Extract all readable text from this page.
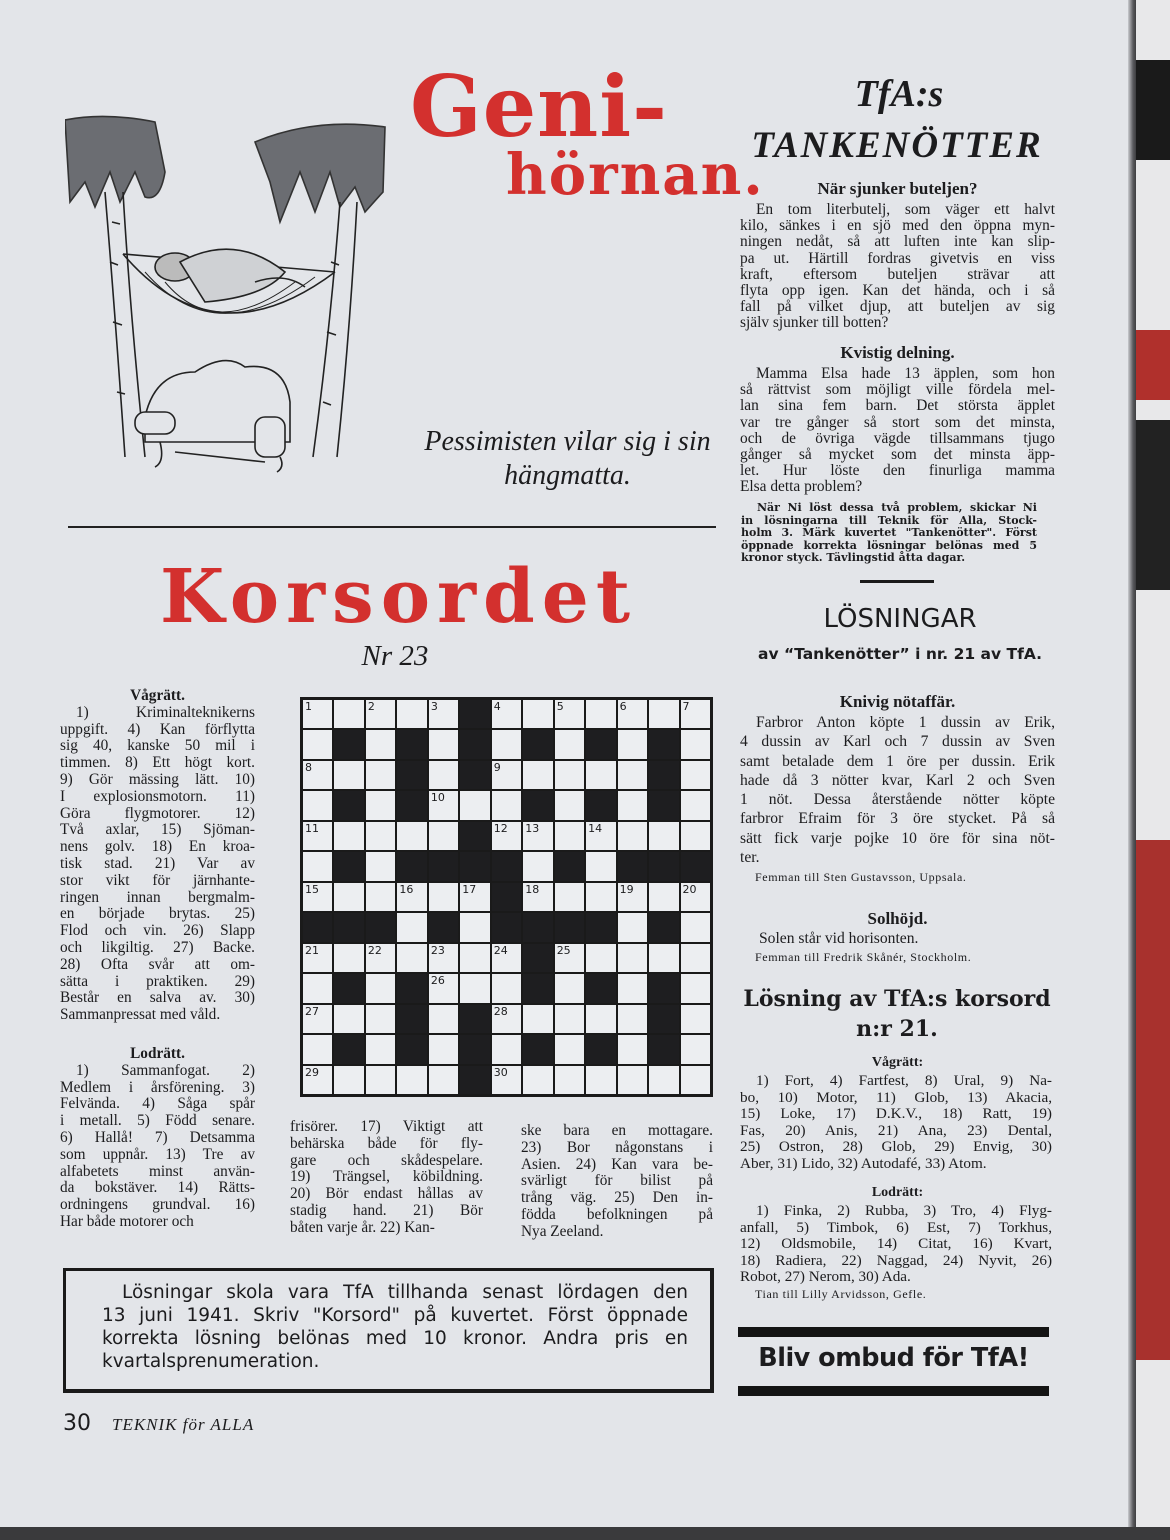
Geni-
hörnan.
Pessimisten vilar sig i sin
hängmatta.
Korsordet
Nr 23
Vågrätt.
1) Kriminalteknikerns
uppgift. 4) Kan förflytta
sig 40, kanske 50 mil i
timmen. 8) Ett högt kort.
9) Gör mässing lätt. 10)
I explosionsmotorn. 11)
Göra flygmotorer. 12)
Två axlar, 15) Sjöman-
nens golv. 18) En kroa-
tisk stad. 21) Var av
stor vikt för järnhante-
ringen innan bergmalm-
en började brytas. 25)
Flod och vin. 26) Slapp
och likgiltig. 27) Backe.
28) Ofta svår att om-
sätta i praktiken. 29)
Består en salva av. 30)
Sammanpressat med våld.
Lodrätt.
1) Sammanfogat. 2)
Medlem i årsförening. 3)
Felvända. 4) Såga spår
i metall. 5) Född senare.
6) Hallå! 7) Detsamma
som uppnår. 13) Tre av
alfabetets minst använ-
da bokstäver. 14) Rätts-
ordningens grundval. 16)
Har både motorer och
frisörer. 17) Viktigt att
behärska både för fly-
gare och skådespelare.
19) Trängsel, köbildning.
20) Bör endast hållas av
stadig hand. 21) Bör
båten varje år. 22) Kan-
ske bara en mottagare.
23) Bor någonstans i
Asien. 24) Kan vara be-
svärligt för bilist på
trång väg. 25) Den in-
födda befolkningen på
Nya Zeeland.
1	2	3	4	5	6	7
8	9
10
11	12 13	14
15	16	17	18	19	20
21	22	23	24	25
26
27	28
29	30
Lösningar skola vara TfA tillhanda senast lördagen den
13 juni 1941. Skriv "Korsord" på kuvertet. Först öppnade
korrekta lösning belönas med 10 kronor. Andra pris en
kvartalsprenumeration.
30 TEKNIK för ALLA
TfA:s
TANKENÖTTER
När sjunker buteljen?
En tom literbutelj, som väger ett halvt
kilo, sänkes i en sjö med den öppna myn-
ningen nedåt, så att luften inte kan slip-
pa ut. Härtill fordras givetvis en viss
kraft, eftersom buteljen strävar att
flyta opp igen. Kan det hända, och i så
fall på vilket djup, att buteljen av sig
själv sjunker till botten?
Kvistig delning.
Mamma Elsa hade 13 äpplen, som hon
så rättvist som möjligt ville fördela mel-
lan sina fem barn. Det största äpplet
var tre gånger så stort som det minsta,
och de övriga vägde tillsammans tjugo
gånger så mycket som det minsta äpp-
let. Hur löste den finurliga mamma
Elsa detta problem?
När Ni löst dessa två problem, skickar Ni
in lösningarna till Teknik för Alla, Stock-
holm 3. Märk kuvertet "Tankenötter". Först
öppnade korrekta lösningar belönas med 5
kronor styck. Tävlingstid åtta dagar.
LÖSNINGAR
av “Tankenötter” i nr. 21 av TfA.
Knivig nötaffär.
Farbror Anton köpte 1 dussin av Erik,
4 dussin av Karl och 7 dussin av Sven
samt betalade dem 1 öre per dussin. Erik
hade då 3 nötter kvar, Karl 2 och Sven
1 nöt. Dessa återstående nötter köpte
farbror Efraim för 3 öre stycket. På så
sätt fick varje pojke 10 öre för sina nöt-
ter.
Femman till Sten Gustavsson, Uppsala.
Solhöjd.
Solen står vid horisonten.
Femman till Fredrik Skånér, Stockholm.
Lösning av TfA:s korsord
n:r 21.
Vågrätt:
1) Fort, 4) Fartfest, 8) Ural, 9) Na-
bo, 10) Motor, 11) Glob, 13) Akacia,
15) Loke, 17) D.K.V., 18) Ratt, 19)
Fas, 20) Anis, 21) Ana, 23) Dental,
25) Ostron, 28) Glob, 29) Envig, 30)
Aber, 31) Lido, 32) Autodafé, 33) Atom.
Lodrätt:
1) Finka, 2) Rubba, 3) Tro, 4) Flyg-
anfall, 5) Timbok, 6) Est, 7) Torkhus,
12) Oldsmobile, 14) Citat, 16) Kvart,
18) Radiera, 22) Naggad, 24) Nyvit, 26)
Robot, 27) Nerom, 30) Ada.
Tian till Lilly Arvidsson, Gefle.
Bliv ombud för TfA!
